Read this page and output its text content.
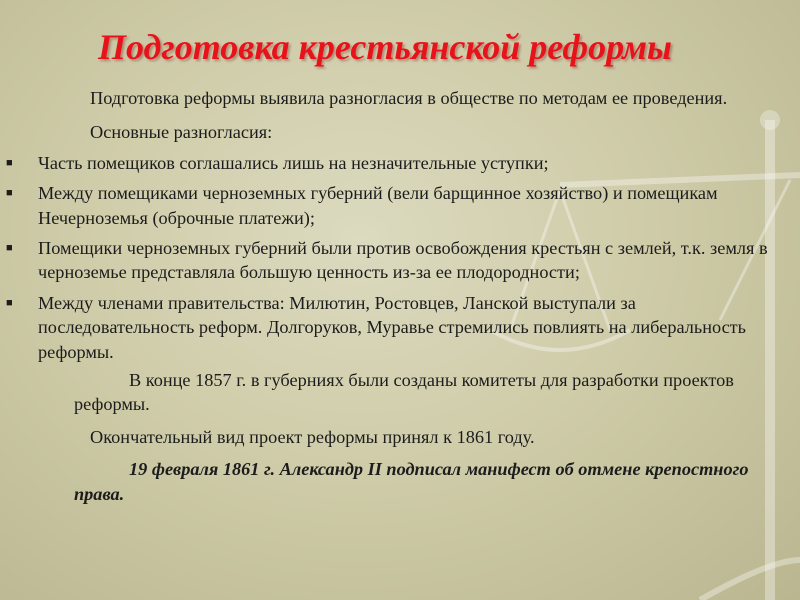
Подготовка крестьянской реформы

Подготовка реформы выявила разногласия в обществе по методам ее проведения.

Основные разногласия:

■ Часть помещиков соглашались лишь на незначительные уступки;
■ Между помещиками черноземных губерний (вели барщинное хозяйство) и помещикам Нечерноземья (оброчные платежи);
■ Помещики черноземных губерний были против освобождения крестьян с землей, т.к. земля в черноземье представляла большую ценность из-за ее плодородности;
■ Между членами правительства: Милютин, Ростовцев, Ланской выступали за последовательность реформ. Долгоруков, Муравье стремились повлиять на либеральность реформы.

В конце 1857 г. в губерниях были созданы комитеты для разработки проектов реформы.

Окончательный вид проект реформы принял к 1861 году.

19 февраля 1861 г. Александр II подписал манифест об отмене крепостного права.
